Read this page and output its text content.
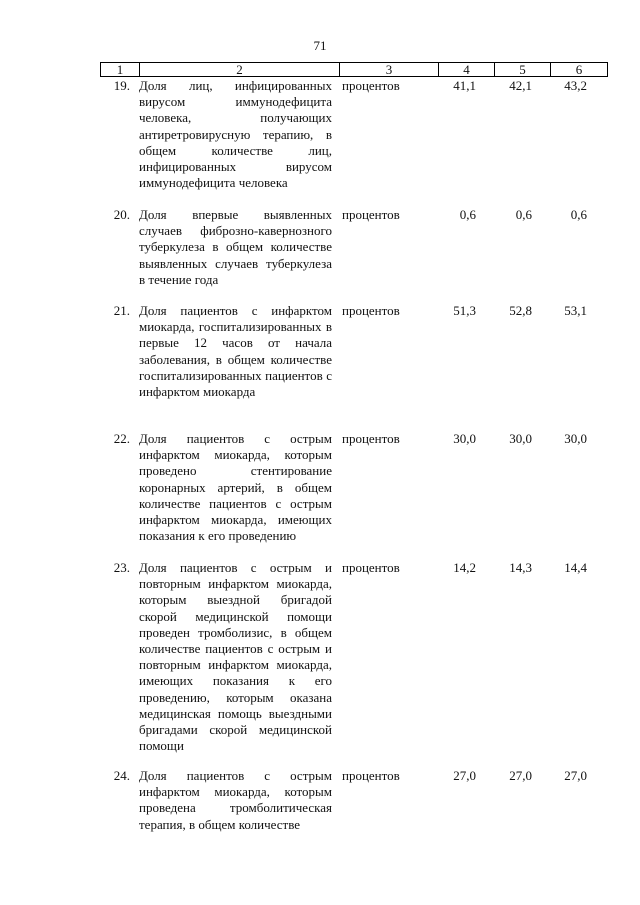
71
1	2	3	4	5	6
19. Доля лиц, инфицированных вирусом иммунодефицита человека, получающих антиретровирусную терапию, в общем количестве лиц, инфицированных вирусом иммунодефицита человека
процентов	41,1	42,1	43,2
20. Доля впервые выявленных случаев фиброзно-кавернозного туберкулеза в общем количестве выявленных случаев туберкулеза в течение года
процентов	0,6	0,6	0,6
21. Доля пациентов с инфарктом миокарда, госпитализированных в первые 12 часов от начала заболевания, в общем количестве госпитализированных пациентов с инфарктом миокарда
процентов	51,3	52,8	53,1
22. Доля пациентов с острым инфарктом миокарда, которым проведено стентирование коронарных артерий, в общем количестве пациентов с острым инфарктом миокарда, имеющих показания к его проведению
процентов	30,0	30,0	30,0
23. Доля пациентов с острым и повторным инфарктом миокарда, которым выездной бригадой скорой медицинской помощи проведен тромболизис, в общем количестве пациентов с острым и повторным инфарктом миокарда, имеющих показания к его проведению, которым оказана медицинская помощь выездными бригадами скорой медицинской помощи
процентов	14,2	14,3	14,4
24. Доля пациентов с острым инфарктом миокарда, которым проведена тромболитическая терапия, в общем количестве
процентов	27,0	27,0	27,0
